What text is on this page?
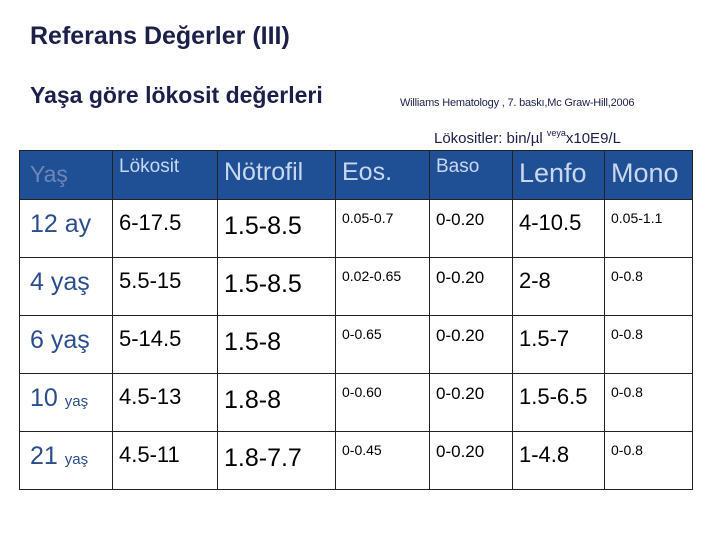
Referans Değerler (III)
Yaşa göre lökosit değerleri	Williams Hematology , 7. baskı,Mc Graw-Hill,2006
Lökositler: bin/µl $^{veya}$x10E9/L
Yaş	Lökosit	Nötrofil	Eos.	Baso	Lenfo	Mono

12 ay	6-17.5	1.5-8.5	0.05-0.7	0-0.20	4-10.5	0.05-1.1

4 yaş	5.5-15	1.5-8.5	0.02-0.65	0-0.20	2-8	0-0.8

6 yaş	5-14.5	1.5-8	0-0.65	0-0.20	1.5-7	0-0.8

10 yaş	4.5-13	1.8-8	0-0.60	0-0.20	1.5-6.5	0-0.8

21 yaş	4.5-11	1.8-7.7	0-0.45	0-0.20	1-4.8	0-0.8
